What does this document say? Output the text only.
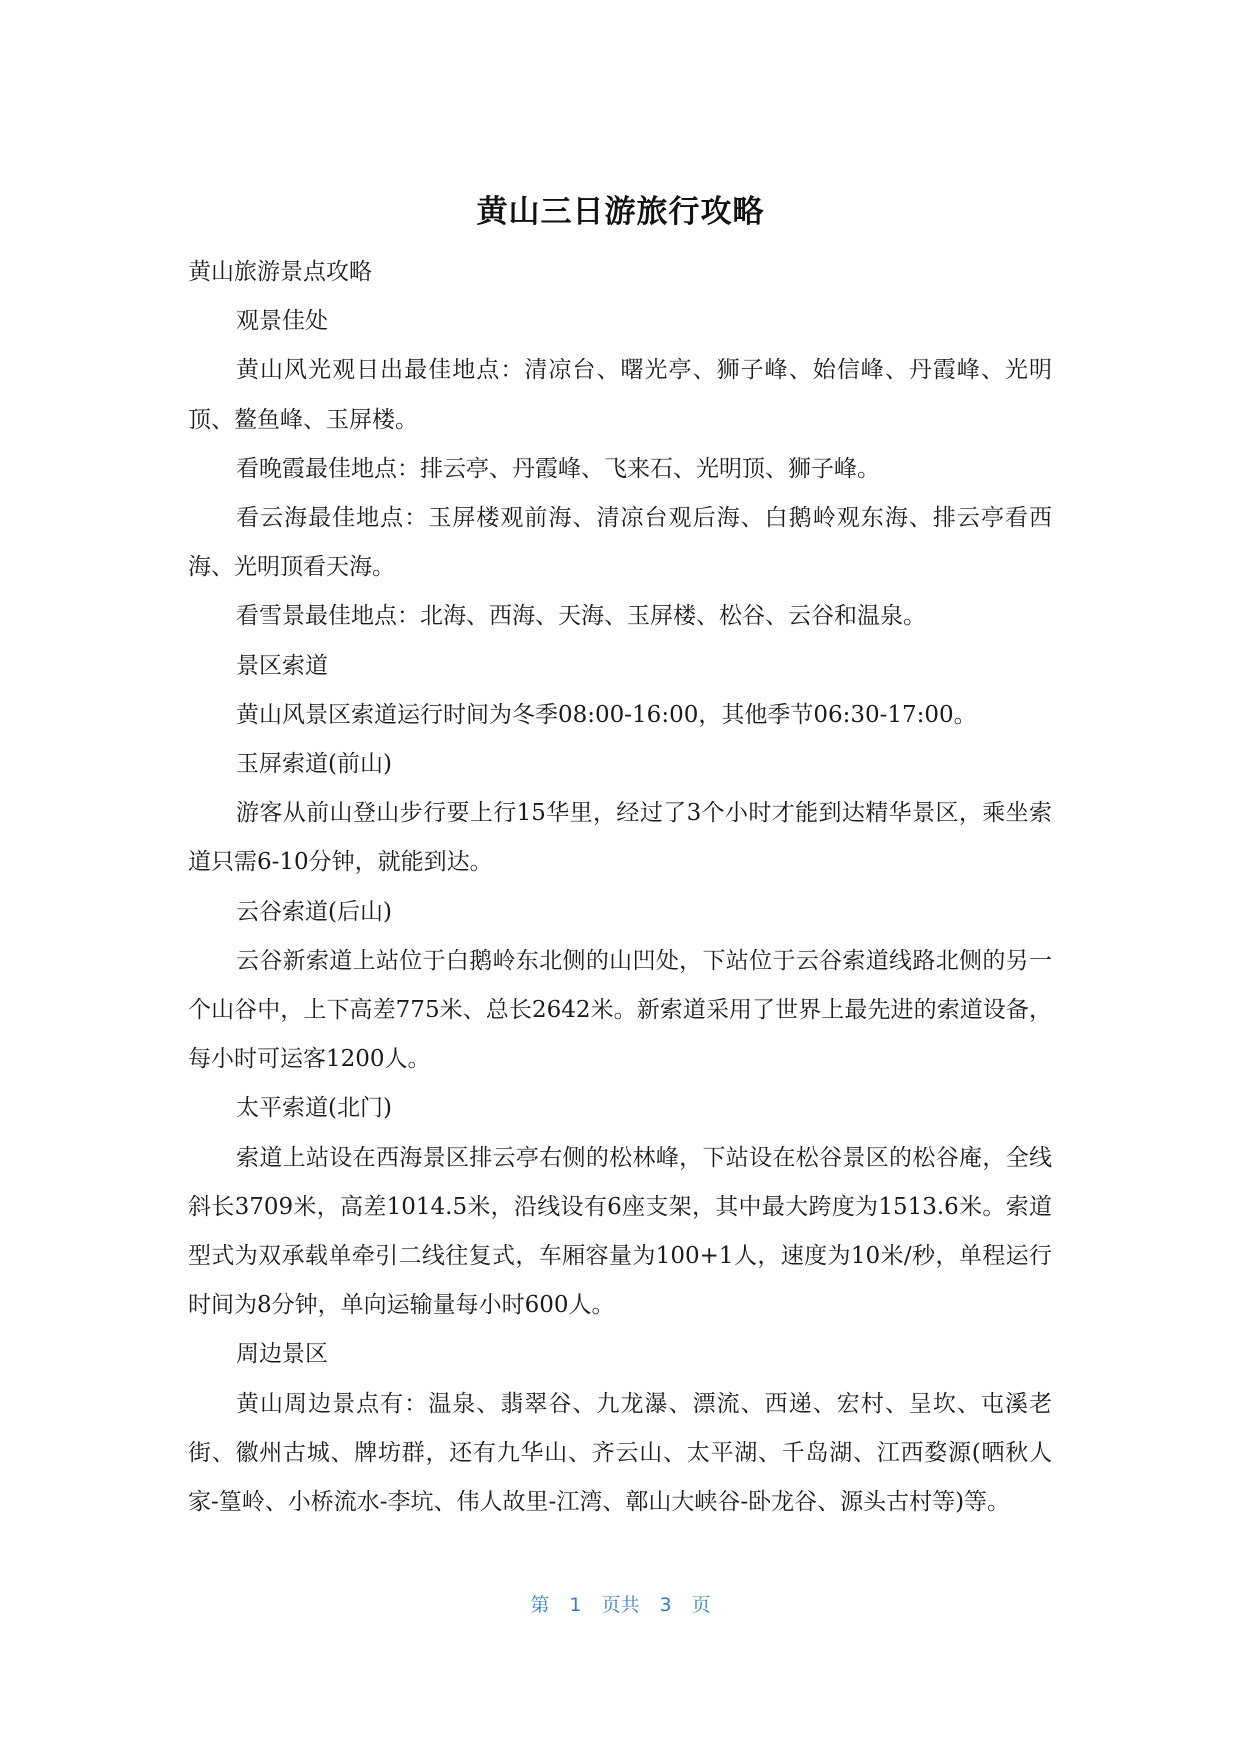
黄山三日游旅行攻略

黄山旅游景点攻略

观景佳处

黄山风光观日出最佳地点：清凉台、曙光亭、狮子峰、始信峰、丹霞峰、光明顶、鳌鱼峰、玉屏楼。

看晚霞最佳地点：排云亭、丹霞峰、飞来石、光明顶、狮子峰。

看云海最佳地点：玉屏楼观前海、清凉台观后海、白鹅岭观东海、排云亭看西海、光明顶看天海。

看雪景最佳地点：北海、西海、天海、玉屏楼、松谷、云谷和温泉。

景区索道

黄山风景区索道运行时间为冬季08:00-16:00，其他季节06:30-17:00。

玉屏索道(前山)

游客从前山登山步行要上行15华里，经过了3个小时才能到达精华景区，乘坐索道只需6-10分钟，就能到达。

云谷索道(后山)

云谷新索道上站位于白鹅岭东北侧的山凹处，下站位于云谷索道线路北侧的另一个山谷中，上下高差775米、总长2642米。新索道采用了世界上最先进的索道设备，每小时可运客1200人。

太平索道(北门)

索道上站设在西海景区排云亭右侧的松林峰，下站设在松谷景区的松谷庵，全线斜长3709米，高差1014.5米，沿线设有6座支架，其中最大跨度为1513.6米。索道型式为双承载单牵引二线往复式，车厢容量为100+1人，速度为10米/秒，单程运行时间为8分钟，单向运输量每小时600人。

周边景区

黄山周边景点有：温泉、翡翠谷、九龙瀑、漂流、西递、宏村、呈坎、屯溪老街、徽州古城、牌坊群，还有九华山、齐云山、太平湖、千岛湖、江西婺源(晒秋人家-篁岭、小桥流水-李坑、伟人故里-江湾、鄣山大峡谷-卧龙谷、源头古村等)等。

第 1 页共 3 页
